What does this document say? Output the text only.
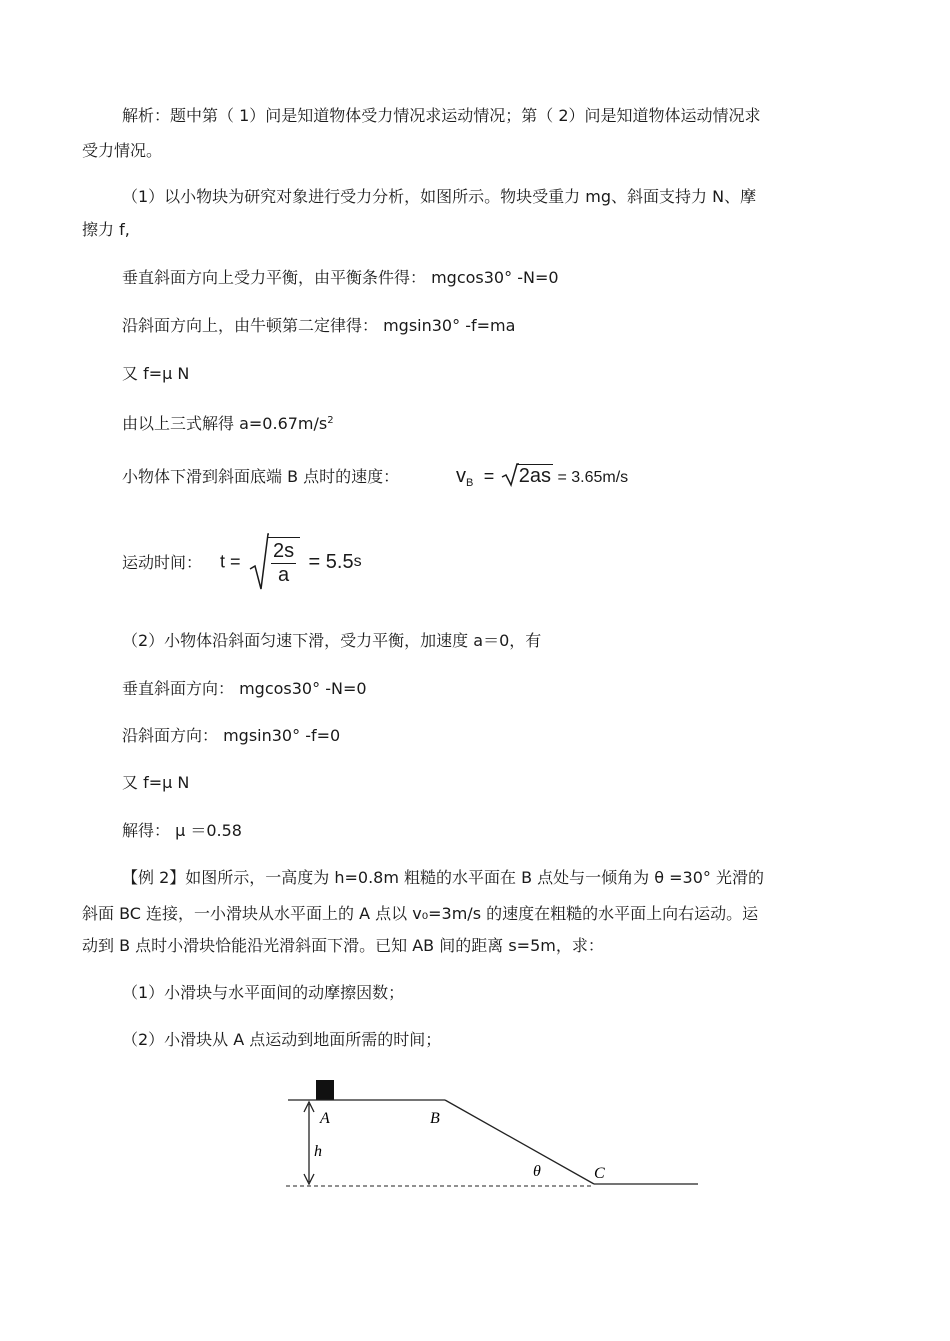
解析：题中第（ 1）问是知道物体受力情况求运动情况；第（ 2）问是知道物体运动情况求
受力情况。
（1）以小物块为研究对象进行受力分析，如图所示。物块受重力 mg、斜面支持力 N、摩
擦力 f,
垂直斜面方向上受力平衡，由平衡条件得： mgcos30° -N=0
沿斜面方向上，由牛顿第二定律得： mgsin30° -f=ma
又 f=μ N
由以上三式解得 $a=0.67m/s^2$
小物体下滑到斜面底端 B 点时的速度：	$v_B = 2as = 3.65m/s$
运动时间： $t = \frac{2s}{a} = 5.5s$
（2）小物体沿斜面匀速下滑，受力平衡，加速度 a＝0，有
垂直斜面方向： mgcos30° -N=0
沿斜面方向： mgsin30° -f=0
又 f=μ N
解得： μ ＝0.58
【例 2】如图所示，一高度为 h=0.8m 粗糙的水平面在 B 点处与一倾角为 θ =30° 光滑的
斜面 BC 连接，一小滑块从水平面上的 A 点以 v₀=3m/s 的速度在粗糙的水平面上向右运动。运
动到 B 点时小滑块恰能沿光滑斜面下滑。已知 AB 间的距离 s=5m，求：
（1）小滑块与水平面间的动摩擦因数；
（2）小滑块从 A 点运动到地面所需的时间；
A	B
h
θ	C
